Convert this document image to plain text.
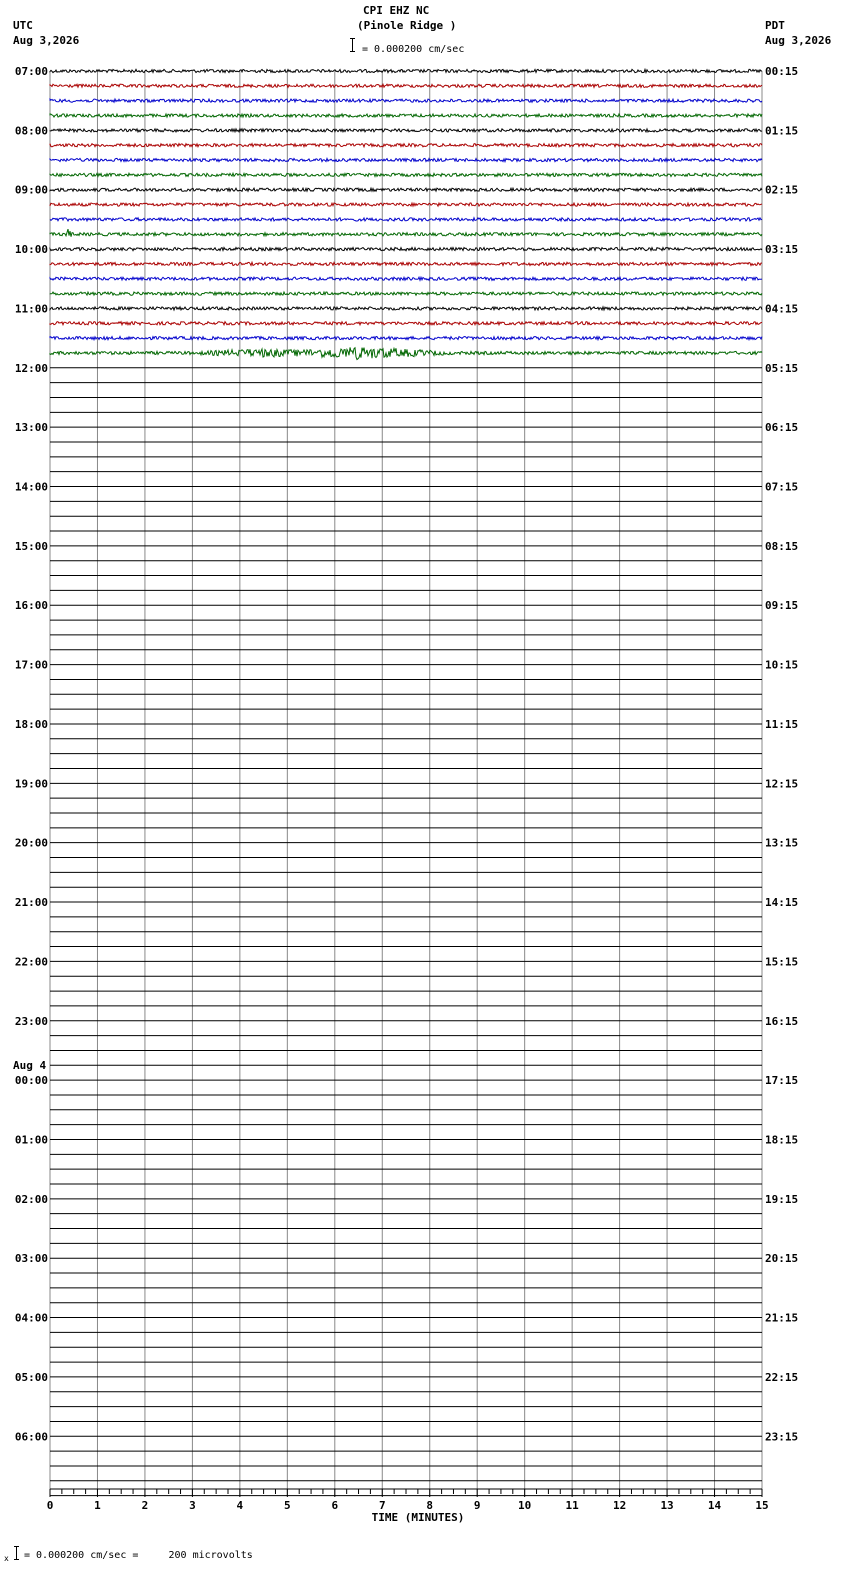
CPI EHZ NC
(Pinole Ridge )
= 0.000200 cm/sec
UTC
Aug 3,2026
PDT
Aug 3,2026
07:00
08:00
09:00
10:00
11:00
12:00
13:00
14:00
15:00
16:00
17:00
18:00
19:00
20:00
21:00
22:00
23:00
00:00
Aug 4
01:00
02:00
03:00
04:00
05:00
06:00
00:15
01:15
02:15
03:15
04:15
05:15
06:15
07:15
08:15
09:15
10:15
11:15
12:15
13:15
14:15
15:15
16:15
17:15
18:15
19:15
20:15
21:15
22:15
23:15
0	1	2	3	4	5	6	7	8	9	10	11	12	13	14	15
TIME (MINUTES)
x = 0.000200 cm/sec =     200 microvolts
